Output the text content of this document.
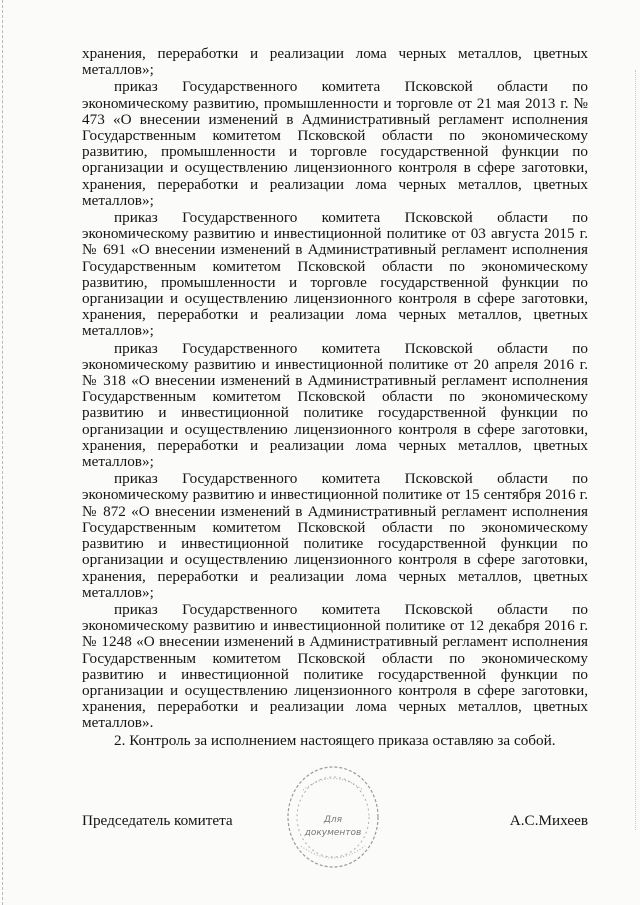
хранения, переработки и реализации лома черных металлов, цветных металлов»;

приказ Государственного комитета Псковской области по экономическому развитию, промышленности и торговле от 21 мая 2013 г. № 473 «О внесении изменений в Административный регламент исполнения Государственным комитетом Псковской области по экономическому развитию, промышленности и торговле государственной функции по организации и осуществлению лицензионного контроля в сфере заготовки, хранения, переработки и реализации лома черных металлов, цветных металлов»;

приказ Государственного комитета Псковской области по экономическому развитию и инвестиционной политике от 03 августа 2015 г. № 691 «О внесении изменений в Административный регламент исполнения Государственным комитетом Псковской области по экономическому развитию, промышленности и торговле государственной функции по организации и осуществлению лицензионного контроля в сфере заготовки, хранения, переработки и реализации лома черных металлов, цветных металлов»;

приказ Государственного комитета Псковской области по экономическому развитию и инвестиционной политике от 20 апреля 2016 г. № 318 «О внесении изменений в Административный регламент исполнения Государственным комитетом Псковской области по экономическому развитию и инвестиционной политике государственной функции по организации и осуществлению лицензионного контроля в сфере заготовки, хранения, переработки и реализации лома черных металлов, цветных металлов»;

приказ Государственного комитета Псковской области по экономическому развитию и инвестиционной политике от 15 сентября 2016 г. № 872 «О внесении изменений в Административный регламент исполнения Государственным комитетом Псковской области по экономическому развитию и инвестиционной политике государственной функции по организации и осуществлению лицензионного контроля в сфере заготовки, хранения, переработки и реализации лома черных металлов, цветных металлов»;

приказ Государственного комитета Псковской области по экономическому развитию и инвестиционной политике от 12 декабря 2016 г. № 1248 «О внесении изменений в Административный регламент исполнения Государственным комитетом Псковской области по экономическому развитию и инвестиционной политике государственной функции по организации и осуществлению лицензионного контроля в сфере заготовки, хранения, переработки и реализации лома черных металлов, цветных металлов».

2. Контроль за исполнением настоящего приказа оставляю за собой.

Председатель комитета	А.С.Михеев
Для
документов
